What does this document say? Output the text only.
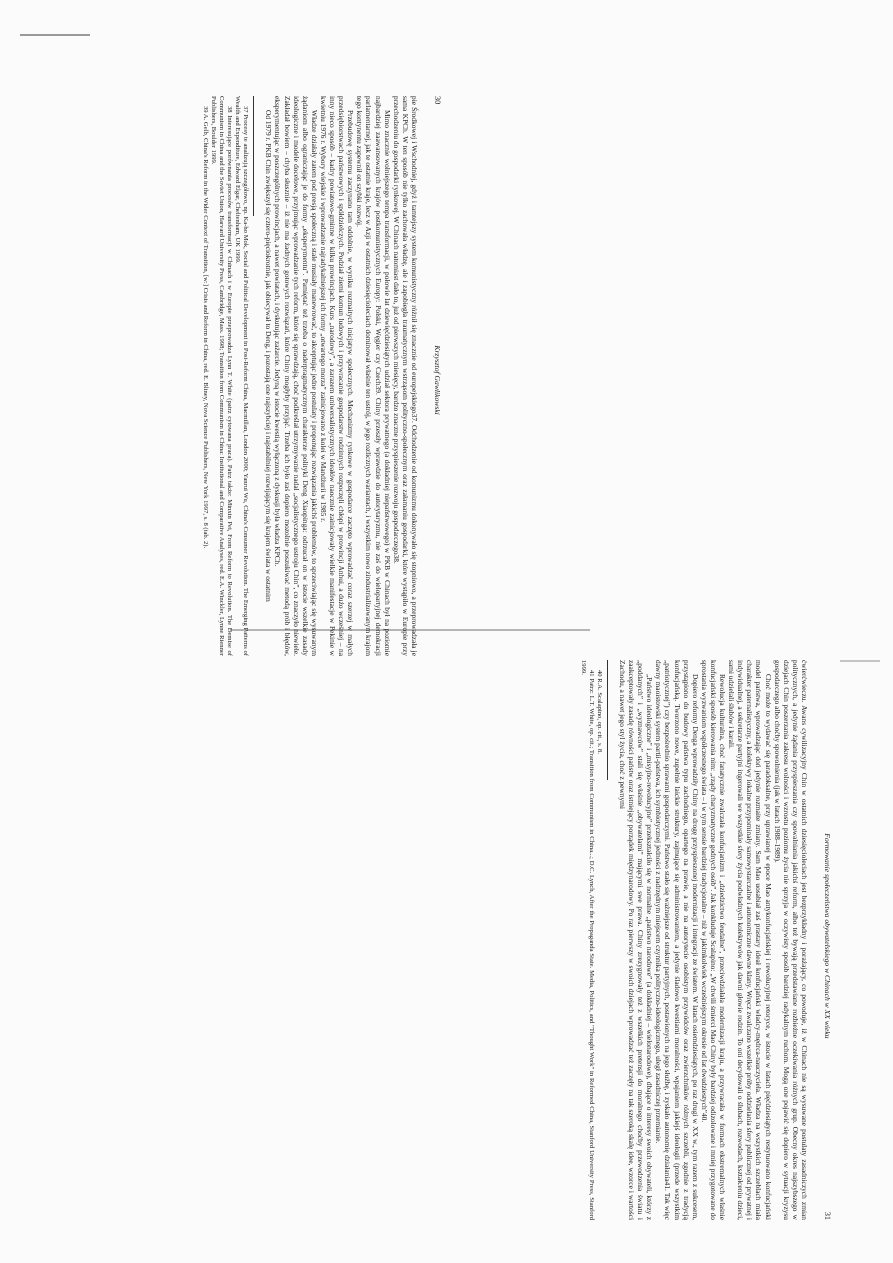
30
Krzysztof Gawlikowski

pie Środkowej i Wschodniej, gdyż i tamtejszy system komunistyczny różnił się znacznie od europejskiego37. Odchodzenie od komunizmu dokonywało się stopniowo, a przeprowadzała je sama KPCh. W ten sposób nie tylko zachowała władzę, ale i zapobiegła traumatycznym wstrząsom polityczno-społecznym oraz załamaniu gospodarki, które wystąpiło w Europie przy przechodzeniu do gospodarki rynkowej. W Chinach natomiast dało to, już od pierwszych miesięcy, bardzo znaczne przyspieszenie rozwoju gospodarczego38.

Mimo znacznie wolniejszego tempa transformacji, w połowie lat dziewięćdziesiątych udział sektora prywatnego (a dokładniej niepaństwowego) w PKB w Chinach był na poziomie najbardziej zaawansowanych krajów postkomunistycznych Europy: Polski, Węgier czy Czech39. Chiny przeszły wprawdzie do autorytaryzmu, nie zaś do wielopartyjnej demokracji parlamentarnej, jak te ostatnie kraje, lecz w Azji w ostatnich dziesięcioleciach dominował właśnie ten ustrój, w jego rozlicznych wariantach, i wszystkim nowo zindustrializowanym krajom tego kontynentu zapewnił on szybki rozwój.

Przebudowę systemu zaczynano tam oddolnie, w wyniku rozmaitych inicjatyw społecznych. Mechanizmy rynkowe w gospodarce zaczęto wprowadzać coraz szerzej w małych przedsiębiorstwach państwowych i spółdzielczych. Podział ziemi komun ludowych i przywracanie gospodarstw rodzinnych rozpoczęli chłopi w prowincji Anhui, a dużo wcześniej – na inny nieco sposób – kadry powiatowo-gminne w kilku prowincjach. Kurs „narodowy”, a zarazem uniwersalistycznych ideałów naocznie zainicjowały wielkie manifestacje w Pekinie w kwietniu 1976 r. Wybory wiejskie i wprowadzanie najradykalniejszej ich formy „otwartego morza” zainicjowano z kolei w Mandżurii w 1985 r.

Władze działały zatem pod presją społeczną i stale musiały manewrować, to akceptując jedne postulaty i proponując rozwiązania jakichś problemów, to sprzeciwiając się wysuwanym żądaniom albo ograniczając je do formy „eksperymentu”. Pamiętać też trzeba o naderpragmatycznym charakterze polityki Deng Xiaopinga: odrzucał on w istocie wszelkie zasady ideologiczne i modele docelowe, przyjmując wprowadzanie tych reform, które się sprawdzają, choć podkreślał utrzymywanie nadal „socjalistycznego ustroju Chin”, co znaczyło niewiele. Zakładał bowiem – chyba słusznie – iż nie ma żadnych gotowych rozwiązań, które Chiny mogłyby przyjąć. Trzeba ich było zaś dopiero mozolnie poszukiwać metodą prób i błędów, eksperymentując w poszczególnych prowincjach, a nawet powiatach, i dyskutując zażarcie. Jedyną w istocie kwestią wyłączoną z dyskusji była władza KPCh.

Od 1979 r. PKB Chin zwiększył się cztero-pięciokrotnie, jak obiecywał to Deng, i pozostają one najszybciej i najstabilniej rozwijającym się krajem świata w ostatnim

37 Procesy te analizują szczegółowo, np. Ka-ho Mok, Social and Political Development in Post-Reform China, Macmillan, London 2000; Yanrui Wu, China's Consumer Revolution. The Emerging Patterns of Wealth and Expenditure, Edward Elgar, Cheltenham, UK 1999.

38 Interesujące porównania procesów transformacji w Chinach i w Europie przeprowadza Lynn T. White (patrz cytowana praca). Patrz także: Minxin Pei, From Reform to Revolution. The Demise of Communism in China and the Soviet Union, Harvard University Press, Cambridge, Mass. 1998; Transition from Communism in China: Institutional and Comparative Analyses, red. E.A. Winckler, Lynne Rienner Publishers, Boulder 1999.

39 A. Gelb, China's Reform in the Wider Context of Transition, [w:] Crisis and Reform in China, red. E. Bliney, Nova Science Publishers, New York 1997, s. 8 (tab. 2).

Formowanie społeczeństwa obywatelskiego w Chinach w XX wieku
31

ćwierćwieczu. Awans cywilizacyjny Chin w ostatnich dziesięcioleciach jest bezprzykładny i porażający, co powoduje, iż w Chinach nie są wysuwane postulaty zasadniczych zmian politycznych, a jedynie żądania przyspieszania czy spowalniania jakichś reform, albo też bywają przedstawiane rozbieżne oczekiwania różnych grup. Obecny okres najszybszego w dziejach Chin poszerzania zakresu wolności i wzrostu poziomu życia nie sprzyja w oczywisty sposób bardziej radykalnym ruchom. Mogą one pojawić się dopiero w sytuacji kryzysu gospodarczego albo choćby spowolnienia (jak w latach 1988–1989).

Choć może to wydawać się paradoksalne, przy uprawianej w epoce Mao antykonfucjańskiej i rewolucyjnej retoryce, w istocie w latach pięćdziesiątych restytuowano konfucjański model państwa, wprowadzając doń jedynie rozmaite zmiany. Sam Mao uosabiał zaś prastary ideał konfucjański władcy-mędrca-nauczyciela. Władza na wszystkich szczeblach miała charakter paternalistyczny, a kolektywy lokalne przypominały samowystarczalne i autonomiczne dawne klany. Wręcz zwalczano wszelkie próby oddzielania sfery publicznej od prywatnej i indywidualnej, a sekretarze partyjni ingerowali we wszystkie sfery życia podwładnych kolektywów jak dawni głowie rodzin. To oni decydowali o ślubach, rozwodach, kształceniu dzieci, sami udzielali ślubów i karali.

Rewolucja kulturalna, choć fanatycznie zwalczała konfucjanizm i „dziedzictwo feudalne”, przeciwdziałała modernizacji kraju, a przywracała w formach ekstremalnych właśnie konfucjański sposób kierowania nim: „rządy charyzmatyczne godnych osób”. Jak konkluduje Scalapino: „W chwili śmierci Mao Chiny były bardziej odizolowane i mniej przygotowane do sprostania wyzwaniom współczesnego świata – i w tym sensie bardziej tradycjonalne – niż w jakimkolwiek wcześniejszym okresie od lat dwudziestych”40.

Dopiero reformy Denga wprowadziły Chiny na drogę przyspieszonej modernizacji i integracji ze światem. W latach osiemdziesiątych, po raz drugi w XX w., tym razem z sukcesem, przystąpiono do budowy państwa typu zachodniego, opartego na prawie, a nie na autorytecie osobistym przywódców oraz zwierzchników różnych szczebli, zgodnie z tradycją konfucjańską. Tworzono nowe, zupełnie laickie struktury, zajmujące się administrowaniem, a jedynie śladowo kwestiami moralności, wpajaniem jakiejś ideologii (przede wszystkim „patriotycznej”) czy bezpośrednio sprawami gospodarczymi. Państwo stało się ważniejsze od struktur partyjnych, postawionych na jego służbę, i zyskało autonomię działania41. Tak więc dawny maoistowski system partii-państwa, ich symbiotycznej jedności z nadrzędnym miejscem czynnika polityczno-ideologicznego, uległ zasadniczej przemianie.

„Państwo ideologiczne” i „misyjno-rewolucyjne” przekształciło się w normalne „państwo narodowe” (a dokładniej – wielonarodowe), dbające o interesy swoich obywateli, którzy z „poddanych” i „wyznawców” stali się właśnie „obywatelami” mającymi swe prawa. Chiny zrezygnowały też z wszelkich pretensji do moralnego choćby przewodzenia światu i zaakceptowały zasadę równości państw oraz istniejący porządek międzynarodowy. Po raz pierwszy w swoich dziejach wprowadzać też zaczęły na tak szeroką skalę idee, wzorce i wartości Zachodu, a nawet jego styl życia, choć z pewnymi

40 R.A. Scalapino, op. cit., s. 8.

41 Patrz: L.T. White, op. cit.; Transition from Communism in China...; D.C. Lynch, After the Propaganda State. Media, Politics, and "Thought Work" in Reformed China, Stanford University Press, Stanford 1999.
